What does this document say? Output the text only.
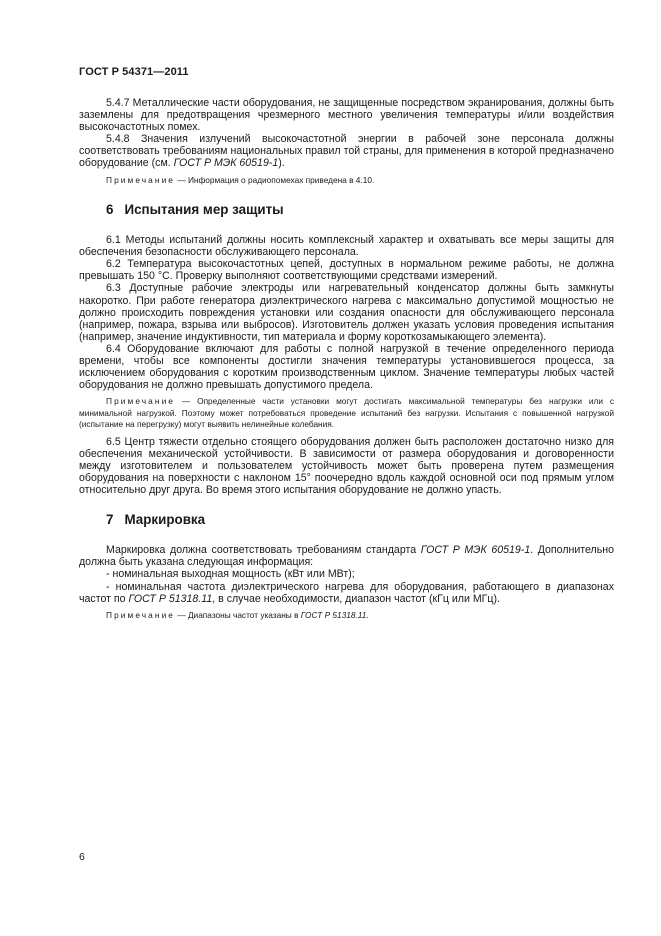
ГОСТ Р 54371—2011

5.4.7 Металлические части оборудования, не защищенные посредством экранирования, должны быть заземлены для предотвращения чрезмерного местного увеличения температуры и/или воздействия высокочастотных помех.

5.4.8 Значения излучений высокочастотной энергии в рабочей зоне персонала должны соответствовать требованиям национальных правил той страны, для применения в которой предназначено оборудование (см. ГОСТ Р МЭК 60519-1).

Примечание — Информация о радиопомехах приведена в 4.10.

6 Испытания мер защиты

6.1 Методы испытаний должны носить комплексный характер и охватывать все меры защиты для обеспечения безопасности обслуживающего персонала.

6.2 Температура высокочастотных цепей, доступных в нормальном режиме работы, не должна превышать 150 °С. Проверку выполняют соответствующими средствами измерений.

6.3 Доступные рабочие электроды или нагревательный конденсатор должны быть замкнуты накоротко. При работе генератора диэлектрического нагрева с максимально допустимой мощностью не должно происходить повреждения установки или создания опасности для обслуживающего персонала (например, пожара, взрыва или выбросов). Изготовитель должен указать условия проведения испытания (например, значение индуктивности, тип материала и форму короткозамыкающего элемента).

6.4 Оборудование включают для работы с полной нагрузкой в течение определенного периода времени, чтобы все компоненты достигли значения температуры установившегося процесса, за исключением оборудования с коротким производственным циклом. Значение температуры любых частей оборудования не должно превышать допустимого предела.

Примечание — Определенные части установки могут достигать максимальной температуры без нагрузки или с минимальной нагрузкой. Поэтому может потребоваться проведение испытаний без нагрузки. Испытания с повышенной нагрузкой (испытание на перегрузку) могут выявить нелинейные колебания.

6.5 Центр тяжести отдельно стоящего оборудования должен быть расположен достаточно низко для обеспечения механической устойчивости. В зависимости от размера оборудования и договоренности между изготовителем и пользователем устойчивость может быть проверена путем размещения оборудования на поверхности с наклоном 15° поочередно вдоль каждой основной оси под прямым углом относительно друг друга. Во время этого испытания оборудование не должно упасть.

7 Маркировка

Маркировка должна соответствовать требованиям стандарта ГОСТ Р МЭК 60519-1. Дополнительно должна быть указана следующая информация:

- номинальная выходная мощность (кВт или МВт);

- номинальная частота диэлектрического нагрева для оборудования, работающего в диапазонах частот по ГОСТ Р 51318.11, в случае необходимости, диапазон частот (кГц или МГц).

Примечание — Диапазоны частот указаны в ГОСТ Р 51318.11.

6
